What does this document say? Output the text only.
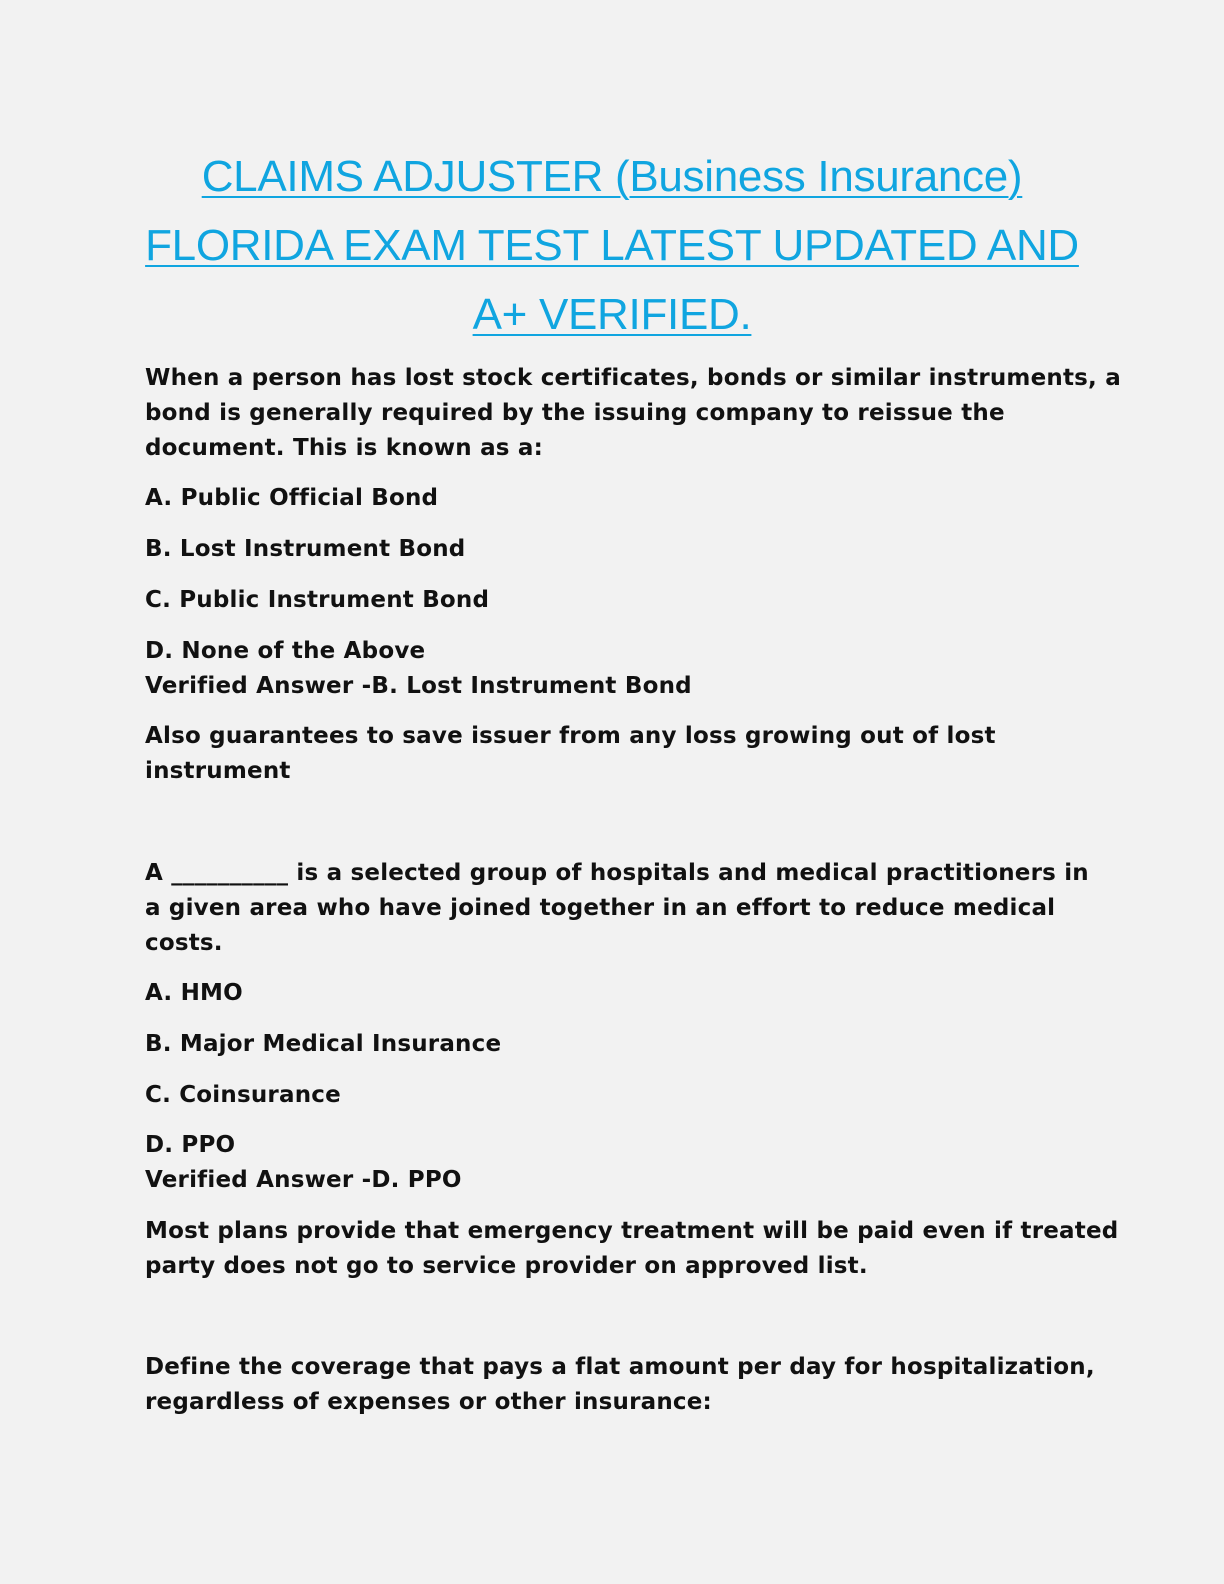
CLAIMS ADJUSTER (Business Insurance)
FLORIDA EXAM TEST LATEST UPDATED AND
A+ VERIFIED.
When a person has lost stock certificates, bonds or similar instruments, a
bond is generally required by the issuing company to reissue the
document. This is known as a:
A. Public Official Bond
B. Lost Instrument Bond
C. Public Instrument Bond
D. None of the Above
Verified Answer -B. Lost Instrument Bond
Also guarantees to save issuer from any loss growing out of lost
instrument
A __________ is a selected group of hospitals and medical practitioners in
a given area who have joined together in an effort to reduce medical
costs.
A. HMO
B. Major Medical Insurance
C. Coinsurance
D. PPO
Verified Answer -D. PPO
Most plans provide that emergency treatment will be paid even if treated
party does not go to service provider on approved list.
Define the coverage that pays a flat amount per day for hospitalization,
regardless of expenses or other insurance:
